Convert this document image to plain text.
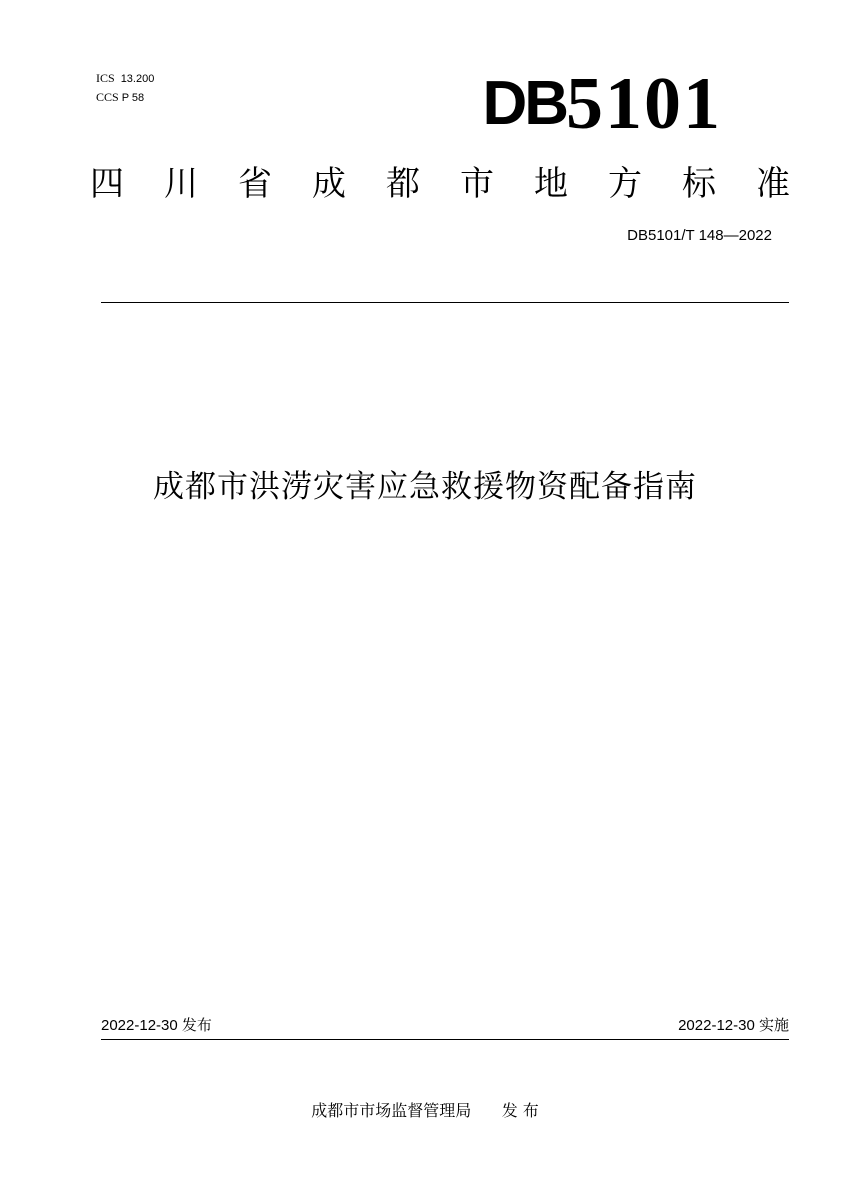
ICS 13.200
CCS P 58	DB 5101
四 川 省 成 都 市 地 方 标 准
DB5101/T 148—2022
成都市洪涝灾害应急救援物资配备指南
2022-12-30 发布	2022-12-30 实施
成都市市场监督管理局 发 布
